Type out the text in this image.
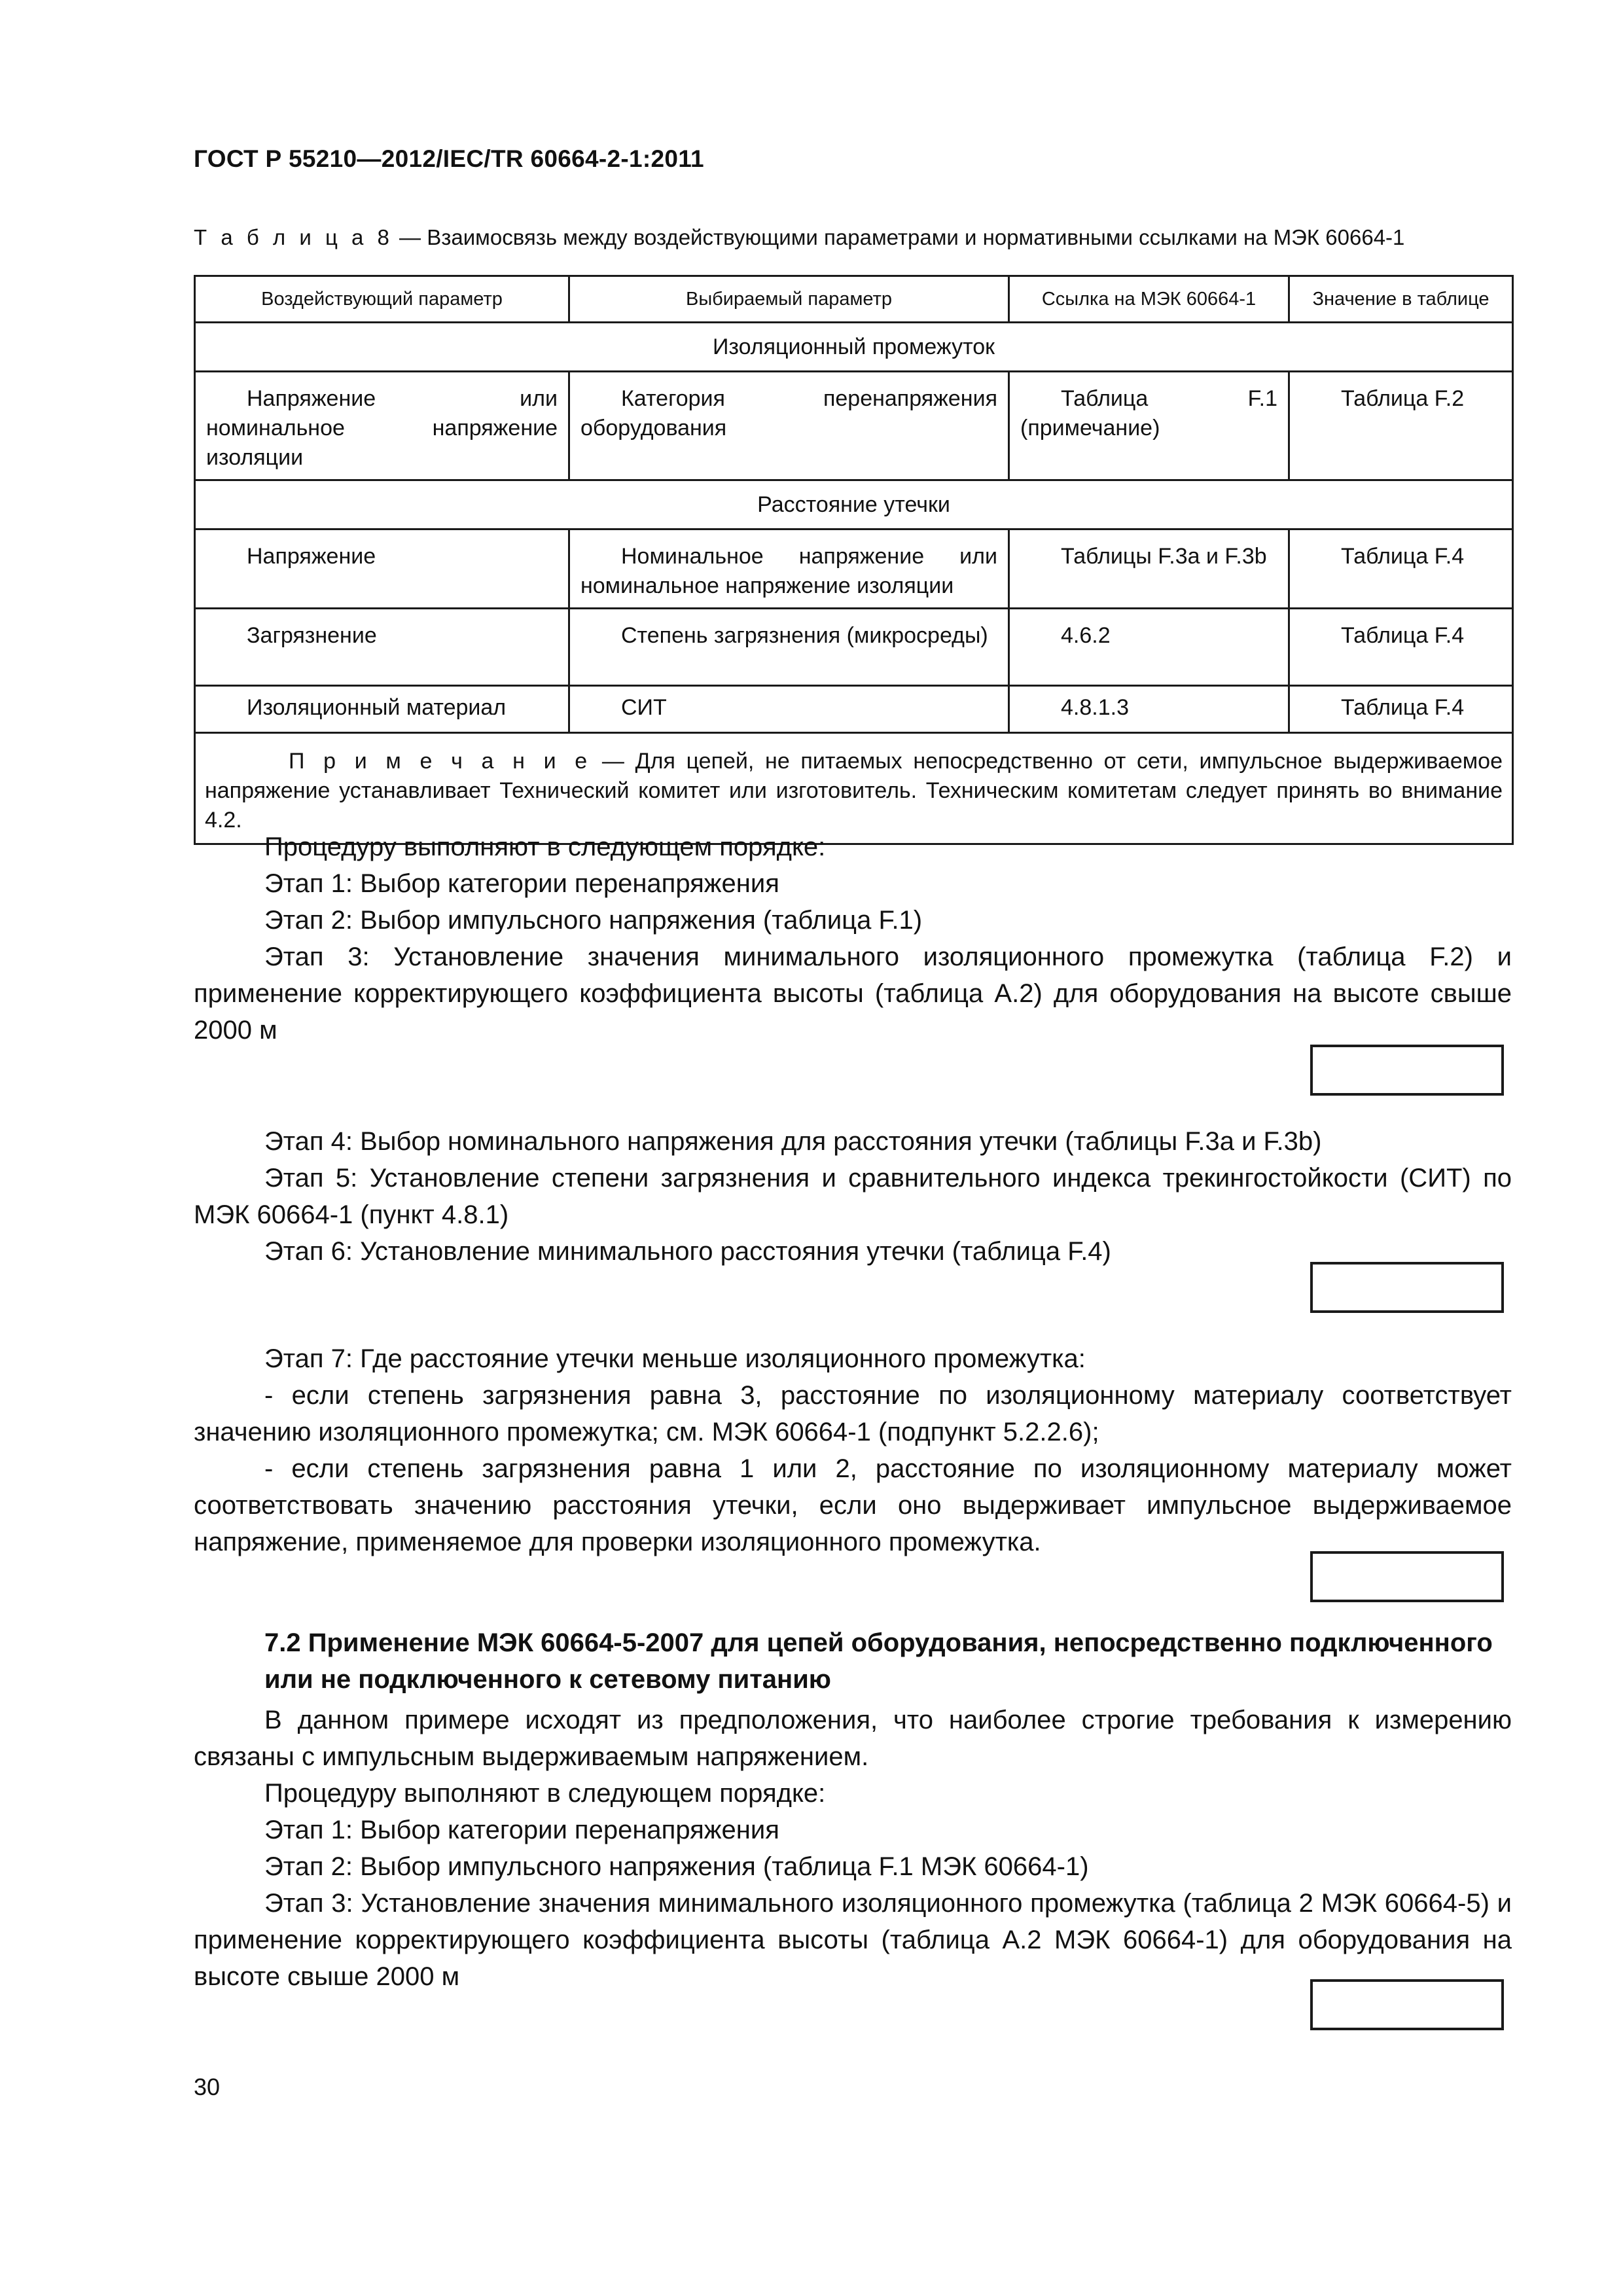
ГОСТ Р 55210—2012/IEC/TR 60664-2-1:2011
Т а б л и ц а 8 — Взаимосвязь между воздействующими параметрами и нормативными ссылками на МЭК 60664-1
Воздействующий параметр	Выбираемый параметр	Ссылка на МЭК 60664-1	Значение в таблице
Изоляционный промежуток			
Напряжение или номинальное напряжение изоляции	Категория перенапряжения оборудования	Таблица F.1 (примечание)	Таблица F.2
Расстояние утечки			
Напряжение	Номинальное напряжение или номинальное напряжение изоляции	Таблицы F.3a и F.3b	Таблица F.4
Загрязнение	Степень загрязнения (микросреды)	4.6.2	Таблица F.4
Изоляционный материал	СИТ	4.8.1.3	Таблица F.4
П р и м е ч а н и е — Для цепей, не питаемых непосредственно от сети, импульсное выдерживаемое напряжение устанавливает Технический комитет или изготовитель. Техническим комитетам следует принять во внимание 4.2.			

Процедуру выполняют в следующем порядке:

Этап 1: Выбор категории перенапряжения

Этап 2: Выбор импульсного напряжения (таблица F.1)

Этап 3: Установление значения минимального изоляционного промежутка (таблица F.2) и применение корректирующего коэффициента высоты (таблица А.2) для оборудования на высоте свыше 2000 м

Этап 4: Выбор номинального напряжения для расстояния утечки (таблицы F.3a и F.3b)

Этап 5: Установление степени загрязнения и сравнительного индекса трекингостойкости (СИТ) по МЭК 60664-1 (пункт 4.8.1)

Этап 6: Установление минимального расстояния утечки (таблица F.4)

Этап 7: Где расстояние утечки меньше изоляционного промежутка:

- если степень загрязнения равна 3, расстояние по изоляционному материалу соответствует значению изоляционного промежутка; см. МЭК 60664-1 (подпункт 5.2.2.6);

- если степень загрязнения равна 1 или 2, расстояние по изоляционному материалу может соответствовать значению расстояния утечки, если оно выдерживает импульсное выдерживаемое напряжение, применяемое для проверки изоляционного промежутка.

7.2 Применение МЭК 60664-5-2007 для цепей оборудования, непосредственно подключенного или не подключенного к сетевому питанию

В данном примере исходят из предположения, что наиболее строгие требования к измерению связаны с импульсным выдерживаемым напряжением.

Процедуру выполняют в следующем порядке:

Этап 1: Выбор категории перенапряжения

Этап 2: Выбор импульсного напряжения (таблица F.1 МЭК 60664-1)

Этап 3: Установление значения минимального изоляционного промежутка (таблица 2 МЭК 60664-5) и применение корректирующего коэффициента высоты (таблица А.2 МЭК 60664-1) для оборудования на высоте свыше 2000 м

30
